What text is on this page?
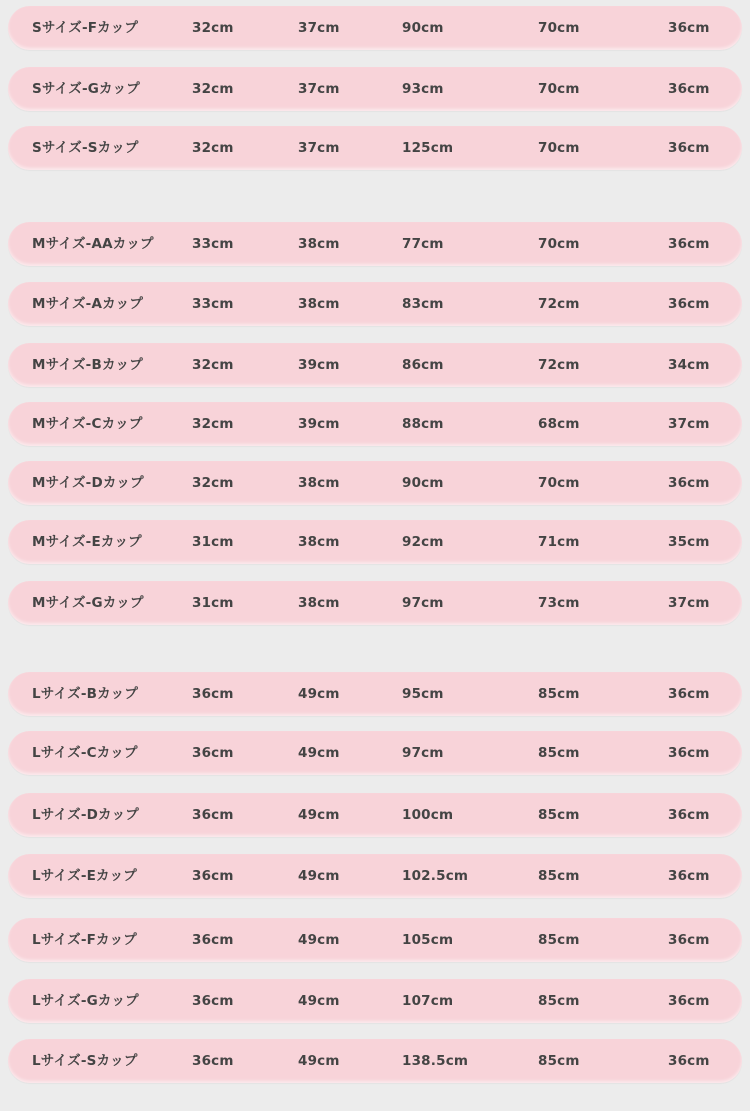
Sサイズ-Fカップ	32cm	37cm	90cm	70cm	36cm
Sサイズ-Gカップ	32cm	37cm	93cm	70cm	36cm
Sサイズ-Sカップ	32cm	37cm	125cm	70cm	36cm
Mサイズ-AAカップ	33cm	38cm	77cm	70cm	36cm
Mサイズ-Aカップ	33cm	38cm	83cm	72cm	36cm
Mサイズ-Bカップ	32cm	39cm	86cm	72cm	34cm
Mサイズ-Cカップ	32cm	39cm	88cm	68cm	37cm
Mサイズ-Dカップ	32cm	38cm	90cm	70cm	36cm
Mサイズ-Eカップ	31cm	38cm	92cm	71cm	35cm
Mサイズ-Gカップ	31cm	38cm	97cm	73cm	37cm
Lサイズ-Bカップ	36cm	49cm	95cm	85cm	36cm
Lサイズ-Cカップ	36cm	49cm	97cm	85cm	36cm
Lサイズ-Dカップ	36cm	49cm	100cm	85cm	36cm
Lサイズ-Eカップ	36cm	49cm	102.5cm	85cm	36cm
Lサイズ-Fカップ	36cm	49cm	105cm	85cm	36cm
Lサイズ-Gカップ	36cm	49cm	107cm	85cm	36cm
Lサイズ-Sカップ	36cm	49cm	138.5cm	85cm	36cm
